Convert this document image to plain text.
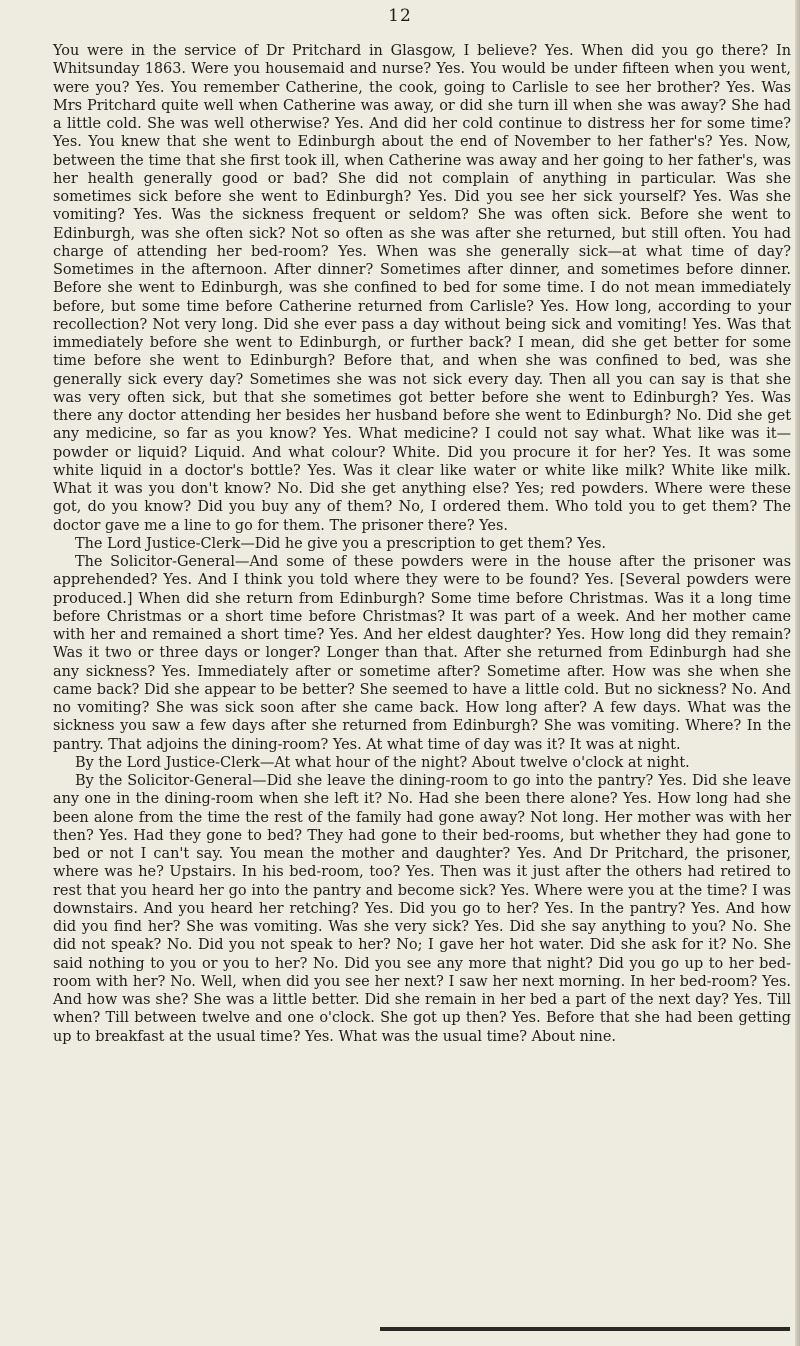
12

You were in the service of Dr Pritchard in Glasgow, I believe? Yes. When did you go there? In Whitsunday 1863. Were you housemaid and nurse? Yes. You would be under fifteen when you went, were you? Yes. You remember Catherine, the cook, going to Carlisle to see her brother? Yes. Was Mrs Pritchard quite well when Catherine was away, or did she turn ill when she was away? She had a little cold. She was well otherwise? Yes. And did her cold continue to distress her for some time? Yes. You knew that she went to Edinburgh about the end of November to her father's? Yes. Now, between the time that she first took ill, when Catherine was away and her going to her father's, was her health generally good or bad? She did not complain of anything in particular. Was she sometimes sick before she went to Edinburgh? Yes. Did you see her sick yourself? Yes. Was she vomiting? Yes. Was the sickness frequent or seldom? She was often sick. Before she went to Edinburgh, was she often sick? Not so often as she was after she returned, but still often. You had charge of attending her bed-room? Yes. When was she generally sick—at what time of day? Sometimes in the afternoon. After dinner? Sometimes after dinner, and sometimes before dinner. Before she went to Edinburgh, was she confined to bed for some time. I do not mean immediately before, but some time before Catherine returned from Carlisle? Yes. How long, according to your recollection? Not very long. Did she ever pass a day without being sick and vomiting! Yes. Was that immediately before she went to Edinburgh, or further back? I mean, did she get better for some time before she went to Edinburgh? Before that, and when she was confined to bed, was she generally sick every day? Sometimes she was not sick every day. Then all you can say is that she was very often sick, but that she sometimes got better before she went to Edinburgh? Yes. Was there any doctor attending her besides her husband before she went to Edinburgh? No. Did she get any medicine, so far as you know? Yes. What medicine? I could not say what. What like was it—powder or liquid? Liquid. And what colour? White. Did you procure it for her? Yes. It was some white liquid in a doctor's bottle? Yes. Was it clear like water or white like milk? White like milk. What it was you don't know? No. Did she get anything else? Yes; red powders. Where were these got, do you know? Did you buy any of them? No, I ordered them. Who told you to get them? The doctor gave me a line to go for them. The prisoner there? Yes.

The Lord Justice-Clerk—Did he give you a prescription to get them? Yes.

The Solicitor-General—And some of these powders were in the house after the prisoner was apprehended? Yes. And I think you told where they were to be found? Yes. [Several powders were produced.] When did she return from Edinburgh? Some time before Christmas. Was it a long time before Christmas or a short time before Christmas? It was part of a week. And her mother came with her and remained a short time? Yes. And her eldest daughter? Yes. How long did they remain? Was it two or three days or longer? Longer than that. After she returned from Edinburgh had she any sickness? Yes. Immediately after or sometime after? Sometime after. How was she when she came back? Did she appear to be better? She seemed to have a little cold. But no sickness? No. And no vomiting? She was sick soon after she came back. How long after? A few days. What was the sickness you saw a few days after she returned from Edinburgh? She was vomiting. Where? In the pantry. That adjoins the dining-room? Yes. At what time of day was it? It was at night.

By the Lord Justice-Clerk—At what hour of the night? About twelve o'clock at night.

By the Solicitor-General—Did she leave the dining-room to go into the pantry? Yes. Did she leave any one in the dining-room when she left it? No. Had she been there alone? Yes. How long had she been alone from the time the rest of the family had gone away? Not long. Her mother was with her then? Yes. Had they gone to bed? They had gone to their bed-rooms, but whether they had gone to bed or not I can't say. You mean the mother and daughter? Yes. And Dr Pritchard, the prisoner, where was he? Upstairs. In his bed-room, too? Yes. Then was it just after the others had retired to rest that you heard her go into the pantry and become sick? Yes. Where were you at the time? I was downstairs. And you heard her retching? Yes. Did you go to her? Yes. In the pantry? Yes. And how did you find her? She was vomiting. Was she very sick? Yes. Did she say anything to you? No. She did not speak? No. Did you not speak to her? No; I gave her hot water. Did she ask for it? No. She said nothing to you or you to her? No. Did you see any more that night? Did you go up to her bed-room with her? No. Well, when did you see her next? I saw her next morning. In her bed-room? Yes. And how was she? She was a little better. Did she remain in her bed a part of the next day? Yes. Till when? Till between twelve and one o'clock. She got up then? Yes. Before that she had been getting up to breakfast at the usual time? Yes. What was the usual time? About nine.
